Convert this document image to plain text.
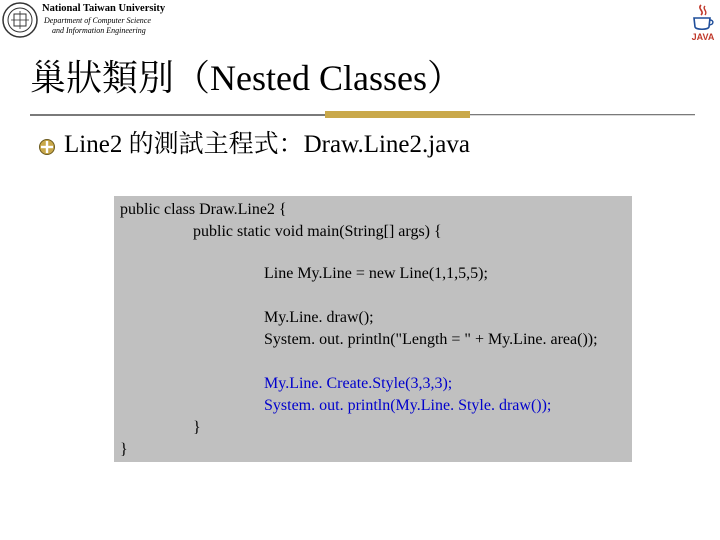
National Taiwan University
Department of Computer Science
and Information Engineering
JAVA
巢狀類別（Nested Classes）
Line2 的測試主程式：Draw.Line2.java
public class Draw.Line2 {
public static void main(String[] args) {
Line My.Line = new Line(1,1,5,5);
My.Line. draw();
System. out. println("Length = " + My.Line. area());
My.Line. Create.Style(3,3,3);
System. out. println(My.Line. Style. draw());
}
}
